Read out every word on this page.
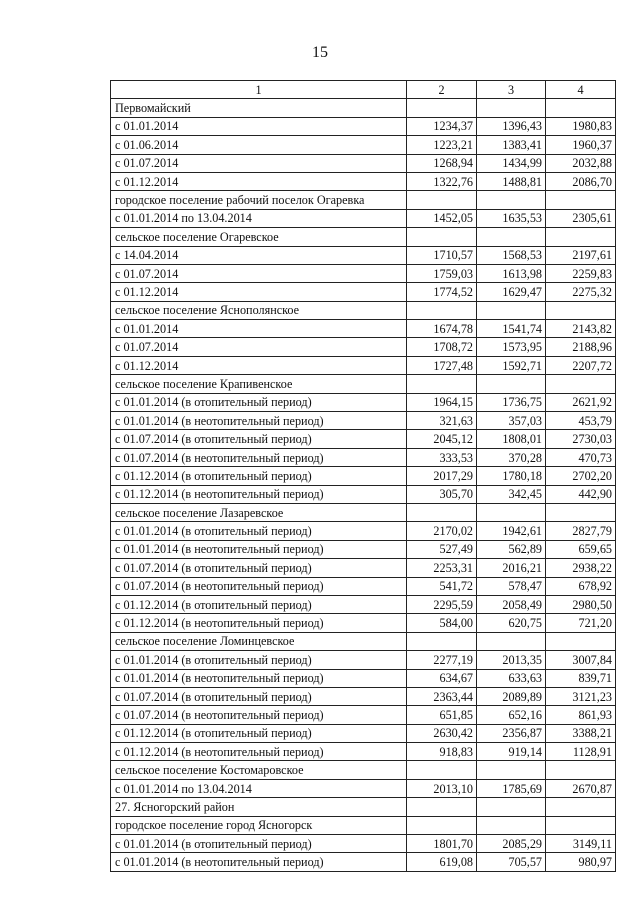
15
1	2	3	4
Первомайский			
с 01.01.2014	1234,37	1396,43	1980,83
с 01.06.2014	1223,21	1383,41	1960,37
с 01.07.2014	1268,94	1434,99	2032,88
с 01.12.2014	1322,76	1488,81	2086,70
городское поселение рабочий поселок Огаревка			
с 01.01.2014 по 13.04.2014	1452,05	1635,53	2305,61
сельское поселение Огаревское			
с 14.04.2014	1710,57	1568,53	2197,61
с 01.07.2014	1759,03	1613,98	2259,83
с 01.12.2014	1774,52	1629,47	2275,32
сельское поселение Яснополянское			
с 01.01.2014	1674,78	1541,74	2143,82
с 01.07.2014	1708,72	1573,95	2188,96
с 01.12.2014	1727,48	1592,71	2207,72
сельское поселение Крапивенское			
с 01.01.2014 (в отопительный период)	1964,15	1736,75	2621,92
с 01.01.2014 (в неотопительный период)	321,63	357,03	453,79
с 01.07.2014 (в отопительный период)	2045,12	1808,01	2730,03
с 01.07.2014 (в неотопительный период)	333,53	370,28	470,73
с 01.12.2014 (в отопительный период)	2017,29	1780,18	2702,20
с 01.12.2014 (в неотопительный период)	305,70	342,45	442,90
сельское поселение Лазаревское			
с 01.01.2014 (в отопительный период)	2170,02	1942,61	2827,79
с 01.01.2014 (в неотопительный период)	527,49	562,89	659,65
с 01.07.2014 (в отопительный период)	2253,31	2016,21	2938,22
с 01.07.2014 (в неотопительный период)	541,72	578,47	678,92
с 01.12.2014 (в отопительный период)	2295,59	2058,49	2980,50
с 01.12.2014 (в неотопительный период)	584,00	620,75	721,20
сельское поселение Ломинцевское			
с 01.01.2014 (в отопительный период)	2277,19	2013,35	3007,84
с 01.01.2014 (в неотопительный период)	634,67	633,63	839,71
с 01.07.2014 (в отопительный период)	2363,44	2089,89	3121,23
с 01.07.2014 (в неотопительный период)	651,85	652,16	861,93
с 01.12.2014 (в отопительный период)	2630,42	2356,87	3388,21
с 01.12.2014 (в неотопительный период)	918,83	919,14	1128,91
сельское поселение Костомаровское			
с 01.01.2014 по 13.04.2014	2013,10	1785,69	2670,87
27. Ясногорский район			
городское поселение город Ясногорск			
с 01.01.2014 (в отопительный период)	1801,70	2085,29	3149,11
с 01.01.2014 (в неотопительный период)	619,08	705,57	980,97
